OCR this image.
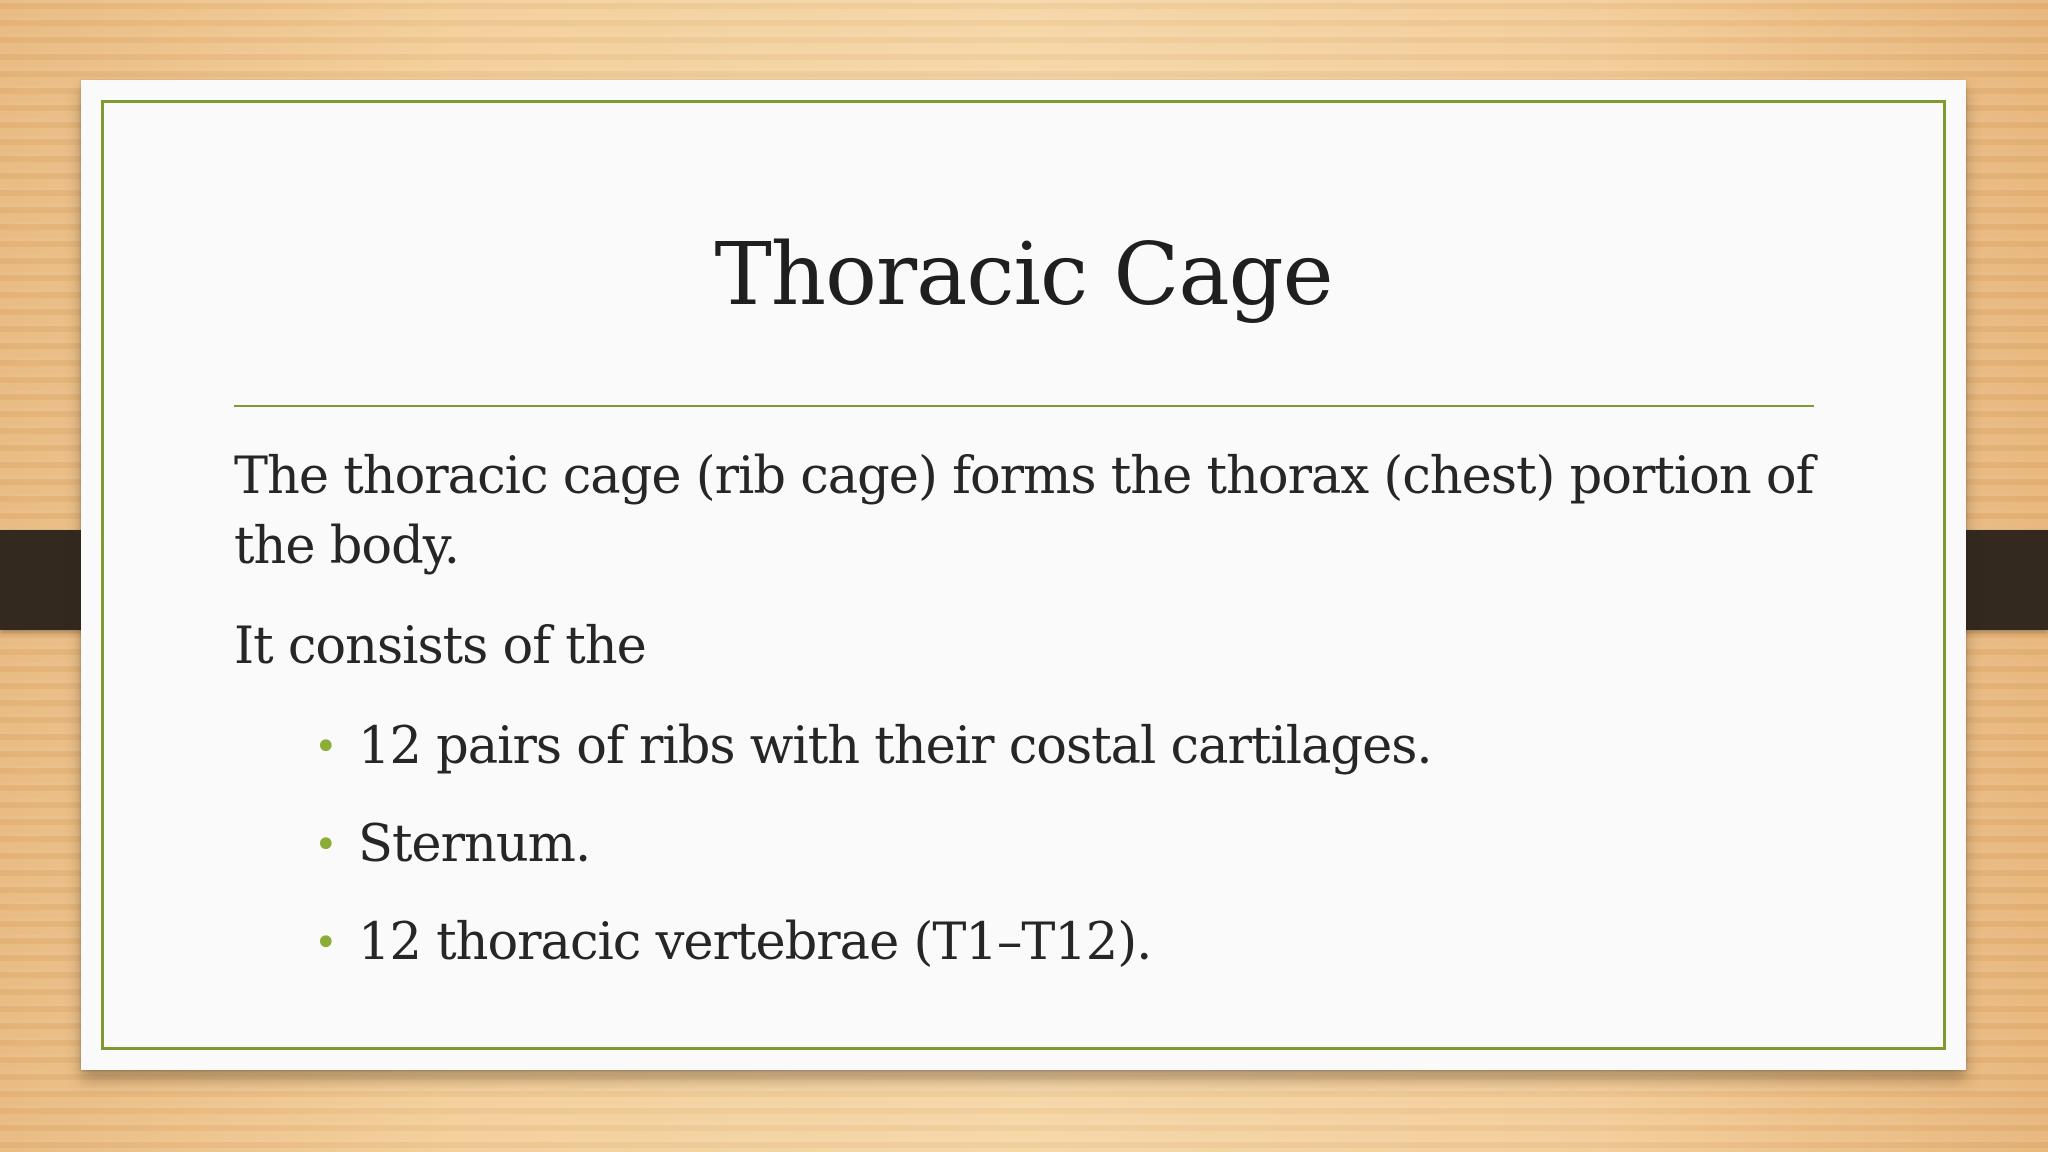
Thoracic Cage

The thoracic cage (rib cage) forms the thorax (chest) portion of the body.

It consists of the

• 12 pairs of ribs with their costal cartilages.
• Sternum.
• 12 thoracic vertebrae (T1–T12).
